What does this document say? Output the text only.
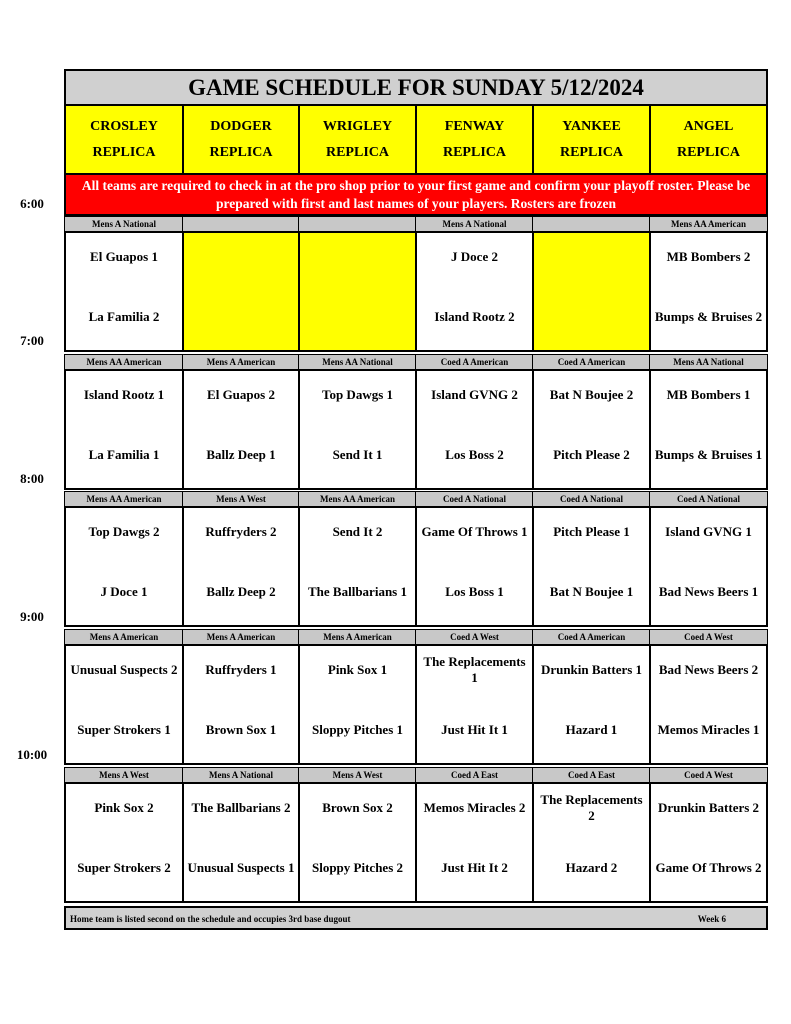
GAME SCHEDULE FOR SUNDAY 5/12/2024
CROSLEY
REPLICA
DODGER
REPLICA
WRIGLEY
REPLICA
FENWAY
REPLICA
YANKEE
REPLICA
ANGEL
REPLICA
All teams are required to check in at the pro shop prior to your first game and confirm your playoff roster. Please be prepared with first and last names of your players. Rosters are frozen
Mens A National
El Guapos 1
La Familia 2
Mens A National
J Doce 2
Island Rootz 2
Mens AA American
MB Bombers 2
Bumps & Bruises 2
Mens AA American
Island Rootz 1
La Familia 1
Mens A American
El Guapos 2
Ballz Deep 1
Mens AA National
Top Dawgs 1
Send It 1
Coed A American
Island GVNG 2
Los Boss 2
Coed A American
Bat N Boujee 2
Pitch Please 2
Mens AA National
MB Bombers 1
Bumps & Bruises 1
Mens AA American
Top Dawgs 2
J Doce 1
Mens A West
Ruffryders 2
Ballz Deep 2
Mens AA American
Send It 2
The Ballbarians 1
Coed A National
Game Of Throws 1
Los Boss 1
Coed A National
Pitch Please 1
Bat N Boujee 1
Coed A National
Island GVNG 1
Bad News Beers 1
Mens A American
Unusual Suspects 2
Super Strokers 1
Mens A American
Ruffryders 1
Brown Sox 1
Mens A American
Pink Sox 1
Sloppy Pitches 1
Coed A West
The Replacements 1
Just Hit It 1
Coed A American
Drunkin Batters 1
Hazard 1
Coed A West
Bad News Beers 2
Memos Miracles 1
Mens A West
Pink Sox 2
Super Strokers 2
Mens A National
The Ballbarians 2
Unusual Suspects 1
Mens A West
Brown Sox 2
Sloppy Pitches 2
Coed A East
Memos Miracles 2
Just Hit It 2
Coed A East
The Replacements 2
Hazard 2
Coed A West
Drunkin Batters 2
Game Of Throws 2
Home team is listed second on the schedule and occupies 3rd base dugout	Week 6
6:00
7:00
8:00
9:00
10:00
